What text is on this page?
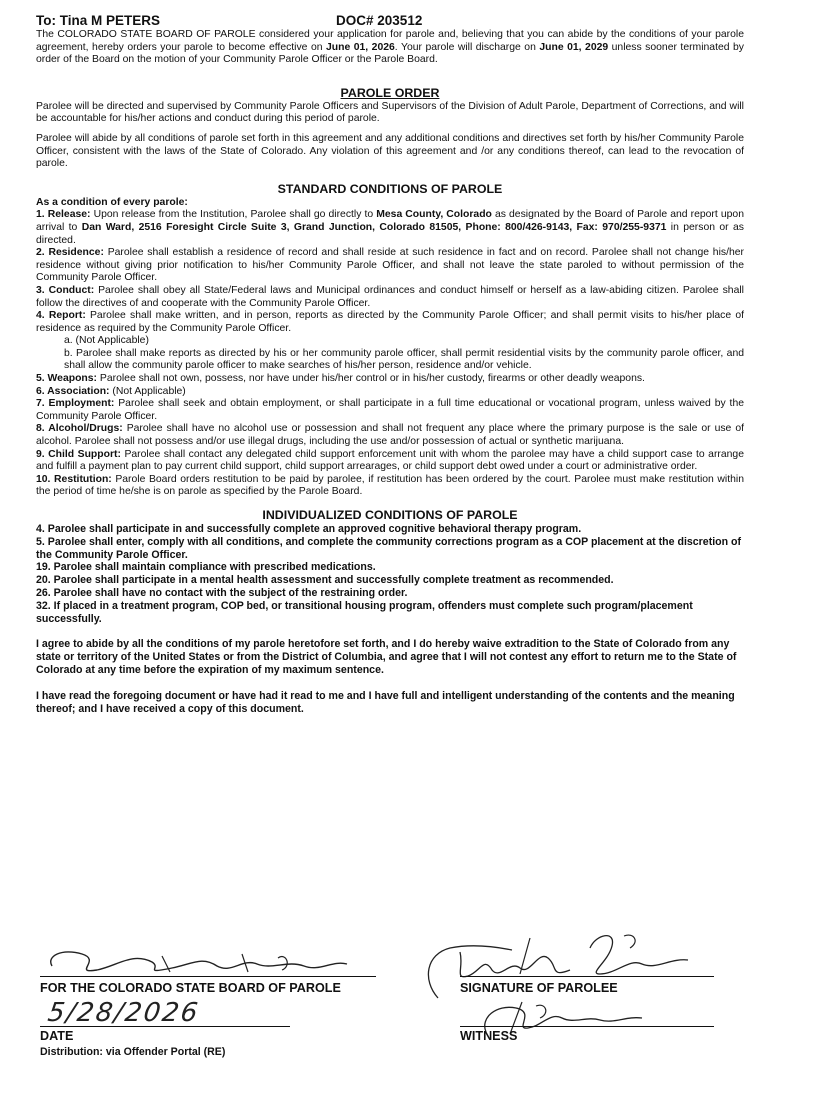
To: Tina M PETERS	DOC# 203512

The COLORADO STATE BOARD OF PAROLE considered your application for parole and, believing that you can abide by the conditions of your parole agreement, hereby orders your parole to become effective on June 01, 2026. Your parole will discharge on June 01, 2029 unless sooner terminated by order of the Board on the motion of your Community Parole Officer or the Parole Board.

PAROLE ORDER

Parolee will be directed and supervised by Community Parole Officers and Supervisors of the Division of Adult Parole, Department of Corrections, and will be accountable for his/her actions and conduct during this period of parole.

Parolee will abide by all conditions of parole set forth in this agreement and any additional conditions and directives set forth by his/her Community Parole Officer, consistent with the laws of the State of Colorado. Any violation of this agreement and /or any conditions thereof, can lead to the revocation of parole.

STANDARD CONDITIONS OF PAROLE

As a condition of every parole:

1. Release: Upon release from the Institution, Parolee shall go directly to Mesa County, Colorado as designated by the Board of Parole and report upon arrival to Dan Ward, 2516 Foresight Circle Suite 3, Grand Junction, Colorado 81505, Phone: 800/426-9143, Fax: 970/255-9371 in person or as directed.

2. Residence: Parolee shall establish a residence of record and shall reside at such residence in fact and on record. Parolee shall not change his/her residence without giving prior notification to his/her Community Parole Officer, and shall not leave the state paroled to without permission of the Community Parole Officer.

3. Conduct: Parolee shall obey all State/Federal laws and Municipal ordinances and conduct himself or herself as a law-abiding citizen. Parolee shall follow the directives of and cooperate with the Community Parole Officer.

4. Report: Parolee shall make written, and in person, reports as directed by the Community Parole Officer; and shall permit visits to his/her place of residence as required by the Community Parole Officer.

a. (Not Applicable)

b. Parolee shall make reports as directed by his or her community parole officer, shall permit residential visits by the community parole officer, and shall allow the community parole officer to make searches of his/her person, residence and/or vehicle.

5. Weapons: Parolee shall not own, possess, nor have under his/her control or in his/her custody, firearms or other deadly weapons.

6. Association: (Not Applicable)

7. Employment: Parolee shall seek and obtain employment, or shall participate in a full time educational or vocational program, unless waived by the Community Parole Officer.

8. Alcohol/Drugs: Parolee shall have no alcohol use or possession and shall not frequent any place where the primary purpose is the sale or use of alcohol. Parolee shall not possess and/or use illegal drugs, including the use and/or possession of actual or synthetic marijuana.

9. Child Support: Parolee shall contact any delegated child support enforcement unit with whom the parolee may have a child support case to arrange and fulfill a payment plan to pay current child support, child support arrearages, or child support debt owed under a court or administrative order.

10. Restitution: Parole Board orders restitution to be paid by parolee, if restitution has been ordered by the court. Parolee must make restitution within the period of time he/she is on parole as specified by the Parole Board.

INDIVIDUALIZED CONDITIONS OF PAROLE

4. Parolee shall participate in and successfully complete an approved cognitive behavioral therapy program.

5. Parolee shall enter, comply with all conditions, and complete the community corrections program as a COP placement at the discretion of the Community Parole Officer.

19. Parolee shall maintain compliance with prescribed medications.

20. Parolee shall participate in a mental health assessment and successfully complete treatment as recommended.

26. Parolee shall have no contact with the subject of the restraining order.

32. If placed in a treatment program, COP bed, or transitional housing program, offenders must complete such program/placement successfully.

I agree to abide by all the conditions of my parole heretofore set forth, and I do hereby waive extradition to the State of Colorado from any state or territory of the United States or from the District of Columbia, and agree that I will not contest any effort to return me to the State of Colorado at any time before the expiration of my maximum sentence.

I have read the foregoing document or have had it read to me and I have full and intelligent understanding of the contents and the meaning thereof; and I have received a copy of this document.

FOR THE COLORADO STATE BOARD OF PAROLE	SIGNATURE OF PAROLEE
5/28/2026
DATE	WITNESS
Distribution: via Offender Portal (RE)
